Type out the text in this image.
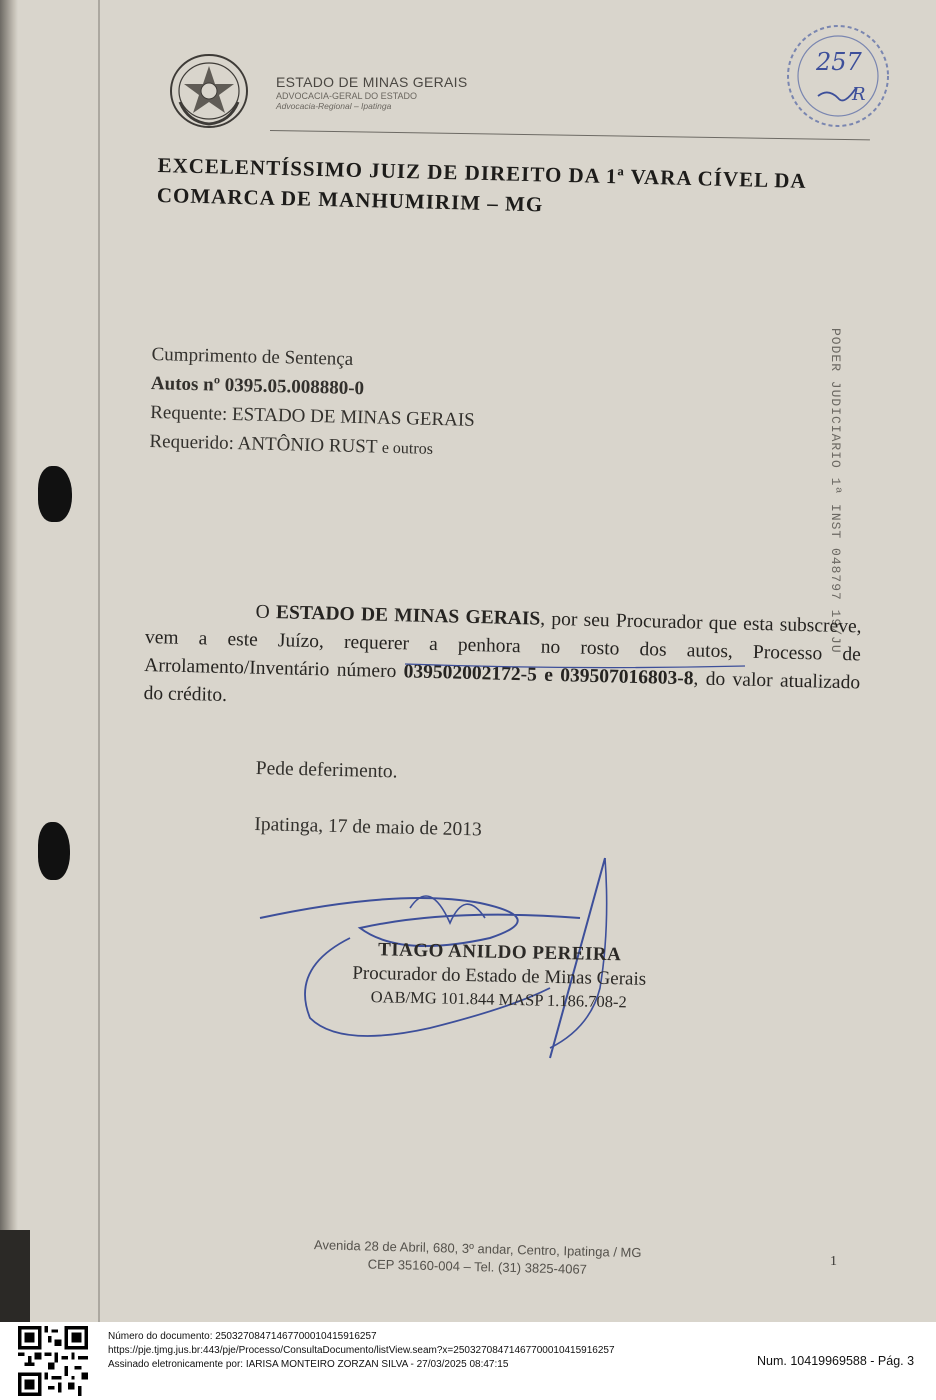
ESTADO DE MINAS GERAIS
ADVOCACIA-GERAL DO ESTADO
Advocacia-Regional – Ipatinga
257
R
EXCELENTÍSSIMO JUIZ DE DIREITO DA 1ª VARA CÍVEL DA COMARCA DE MANHUMIRIM – MG
Cumprimento de Sentença
Autos nº 0395.05.008880-0
Requente: ESTADO DE MINAS GERAIS
Requerido: ANTÔNIO RUST e outros	PODER JUDICIARIO 1ª INST 048797 19/JU
O ESTADO DE MINAS GERAIS, por seu Procurador que esta subscreve, vem a este Juízo, requerer a penhora no rosto dos autos, Processo de Arrolamento/Inventário número 039502002172-5 e 039507016803-8, do valor atualizado do crédito.
Pede deferimento.
Ipatinga, 17 de maio de 2013
TIAGO ANILDO PEREIRA
Procurador do Estado de Minas Gerais
OAB/MG 101.844 MASP 1.186.708-2
Avenida 28 de Abril, 680, 3º andar, Centro, Ipatinga / MG
CEP 35160-004 – Tel. (31) 3825-4067	1
Número do documento: 25032708471467700010415916257
https://pje.tjmg.jus.br:443/pje/Processo/ConsultaDocumento/listView.seam?x=25032708471467700010415916257
Assinado eletronicamente por: IARISA MONTEIRO ZORZAN SILVA - 27/03/2025 08:47:15	Num. 10419969588 - Pág. 3
